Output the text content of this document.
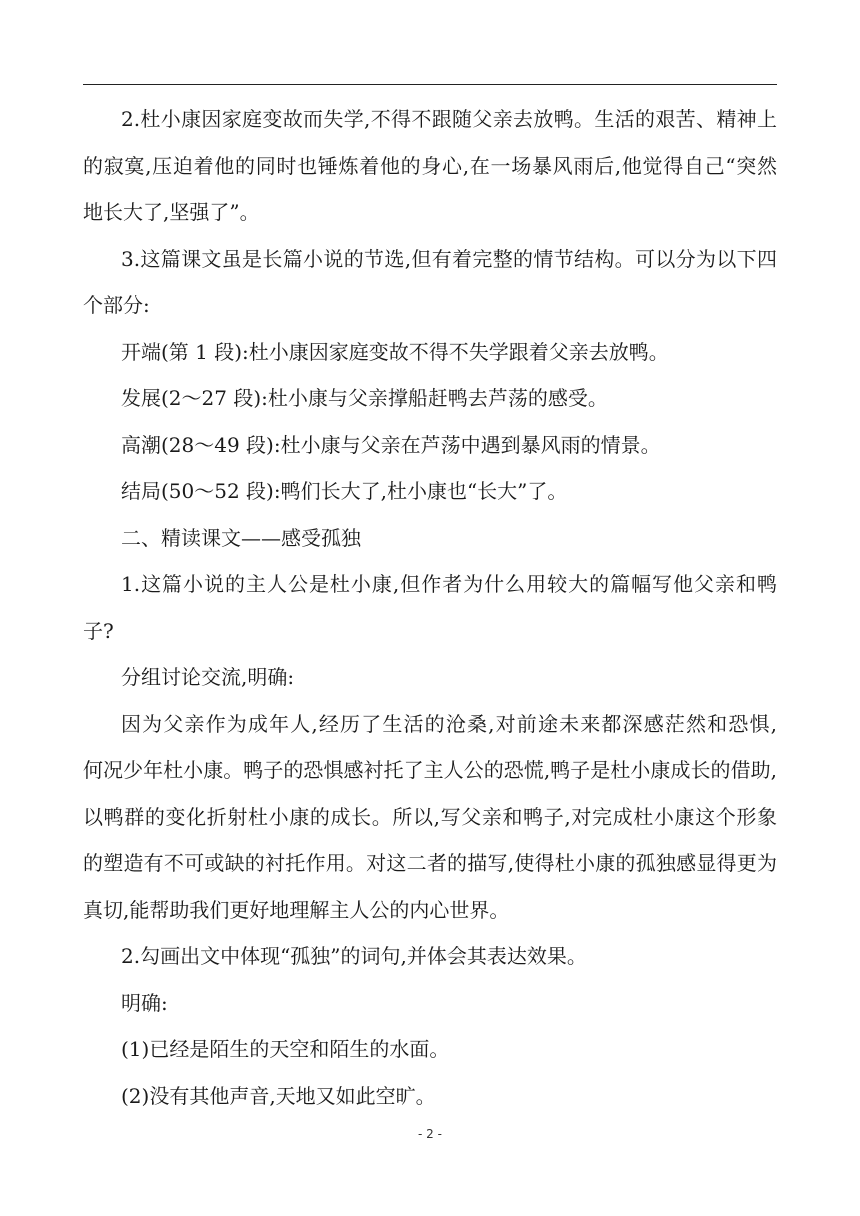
2.杜小康因家庭变故而失学,不得不跟随父亲去放鸭。生活的艰苦、精神上
的寂寞,压迫着他的同时也锤炼着他的身心,在一场暴风雨后,他觉得自己“突然
地长大了,坚强了”。
3.这篇课文虽是长篇小说的节选,但有着完整的情节结构。可以分为以下四
个部分:
开端(第 1 段):杜小康因家庭变故不得不失学跟着父亲去放鸭。
发展(2～27 段):杜小康与父亲撑船赶鸭去芦荡的感受。
高潮(28～49 段):杜小康与父亲在芦荡中遇到暴风雨的情景。
结局(50～52 段):鸭们长大了,杜小康也“长大”了。
二、精读课文——感受孤独
1.这篇小说的主人公是杜小康,但作者为什么用较大的篇幅写他父亲和鸭
子?
分组讨论交流,明确:
因为父亲作为成年人,经历了生活的沧桑,对前途未来都深感茫然和恐惧,
何况少年杜小康。鸭子的恐惧感衬托了主人公的恐慌,鸭子是杜小康成长的借助,
以鸭群的变化折射杜小康的成长。所以,写父亲和鸭子,对完成杜小康这个形象
的塑造有不可或缺的衬托作用。对这二者的描写,使得杜小康的孤独感显得更为
真切,能帮助我们更好地理解主人公的内心世界。
2.勾画出文中体现“孤独”的词句,并体会其表达效果。
明确:
(1)已经是陌生的天空和陌生的水面。
(2)没有其他声音,天地又如此空旷。
- 2 -
